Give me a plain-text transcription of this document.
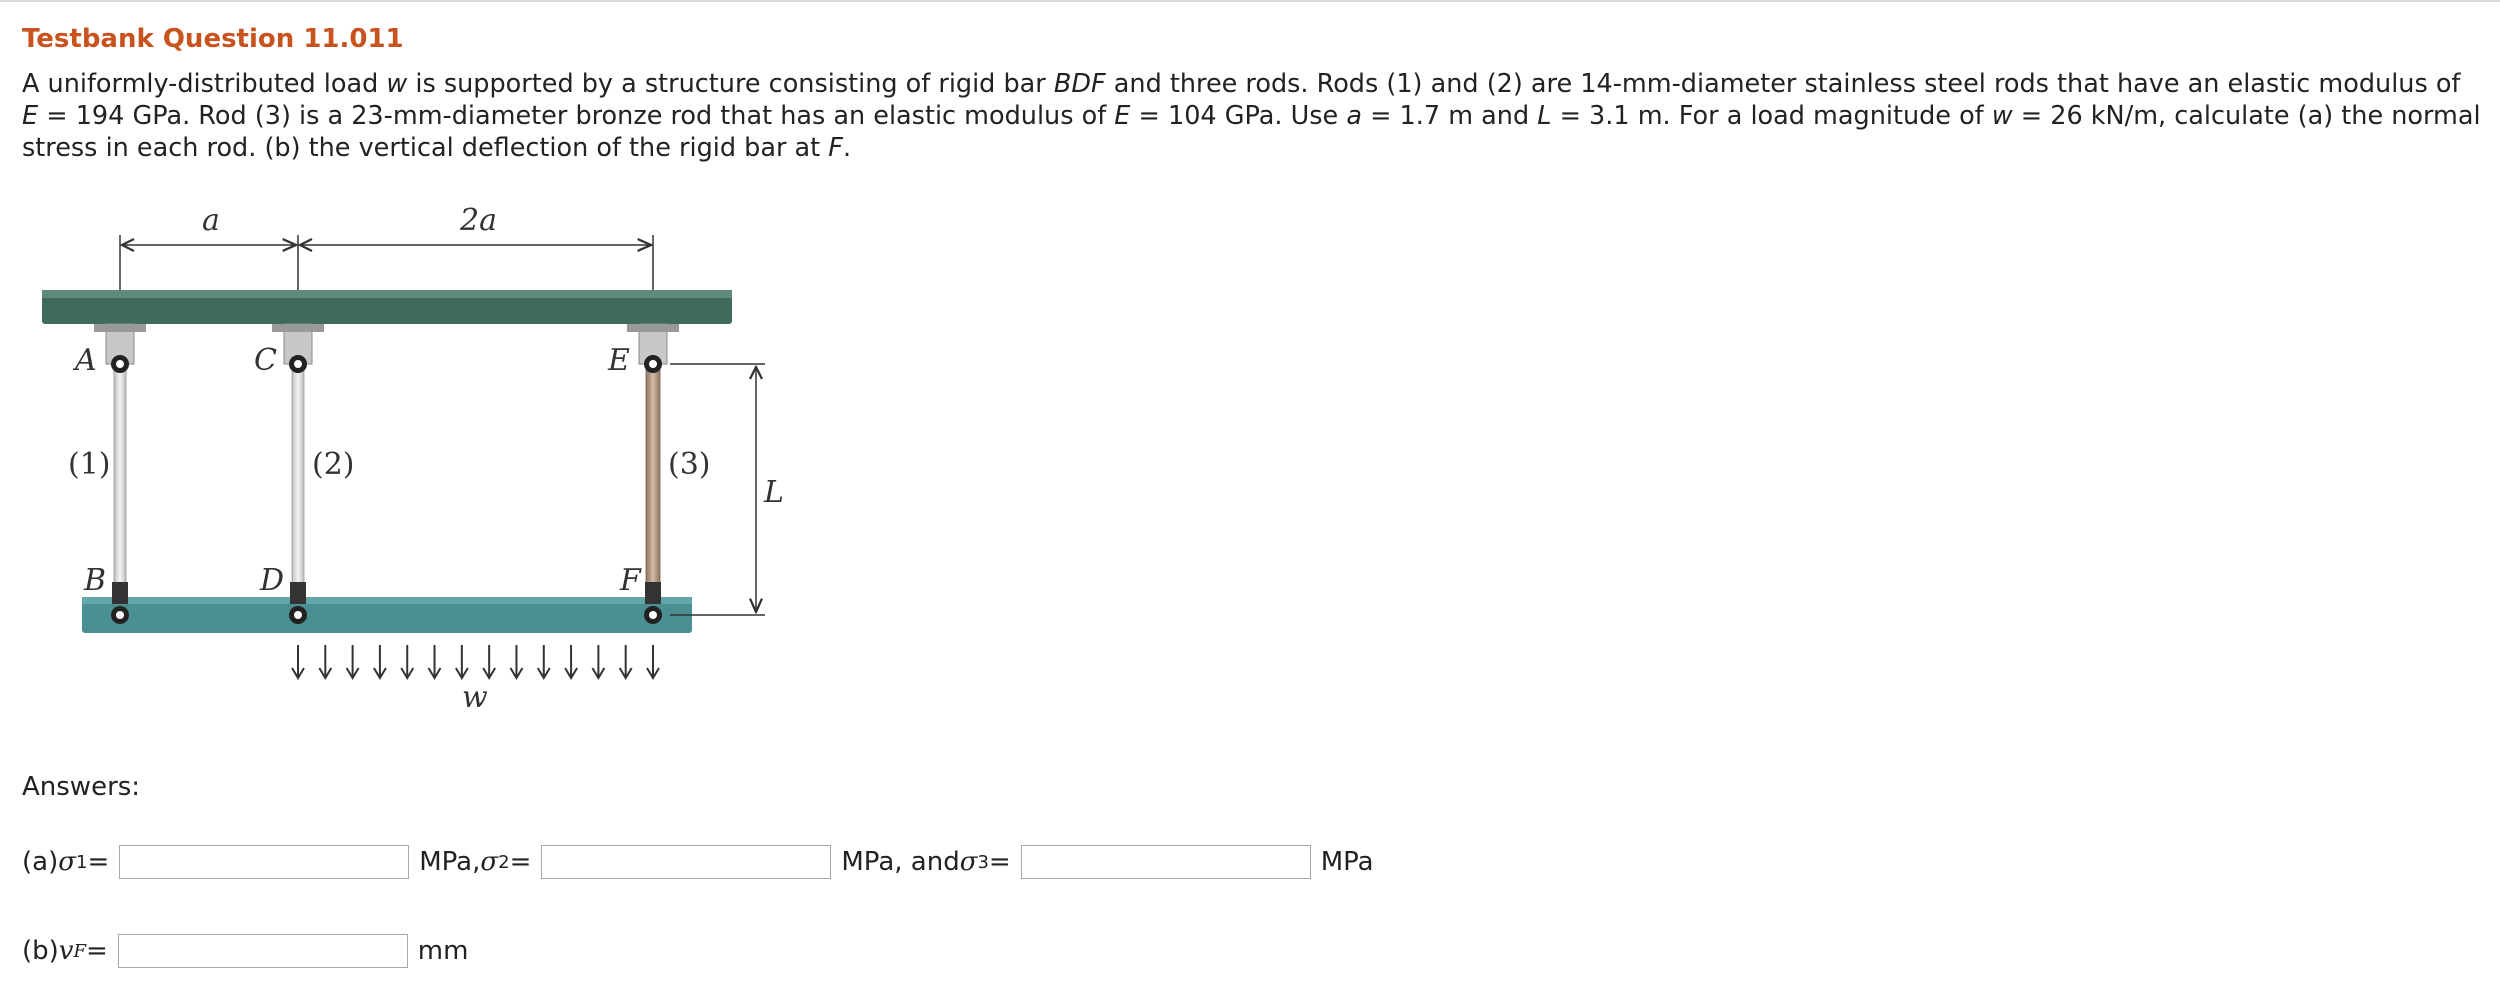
Testbank Question 11.011

A uniformly-distributed load w is supported by a structure consisting of rigid bar BDF and three rods. Rods (1) and (2) are 14-mm-diameter stainless steel rods that have an elastic modulus of
E = 194 GPa. Rod (3) is a 23-mm-diameter bronze rod that has an elastic modulus of E = 104 GPa. Use a = 1.7 m and L = 3.1 m. For a load magnitude of w = 26 kN/m, calculate (a) the normal stress in each rod. (b) the vertical deflection of the rigid bar at F.

a	2a
L
w
A	C	E
B	D	F
(1)	(2)	(3)
Answers:
(a) σ 1 =	MPa, σ 2 =	MPa, and σ 3 =	MPa
(b) v F =	mm
